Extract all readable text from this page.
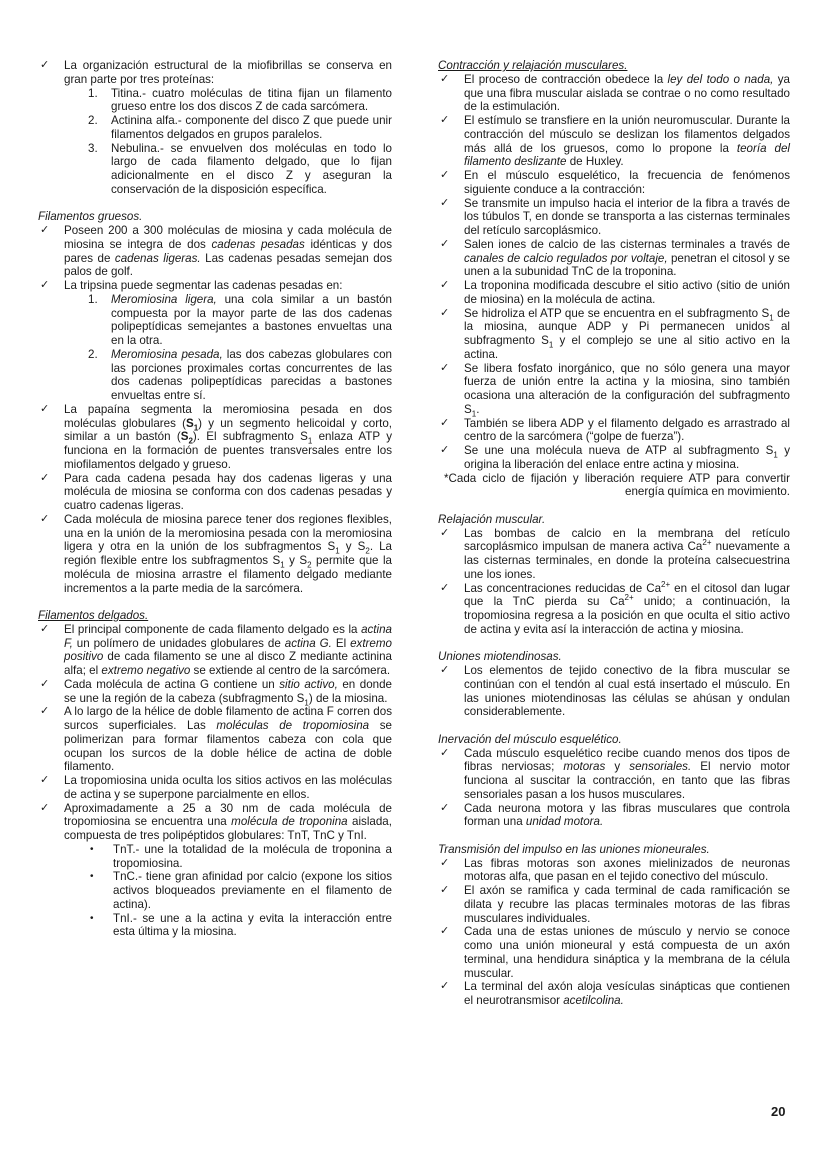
✓ La organización estructural de la miofibrillas se conserva en gran parte por tres proteínas:
1. Titina.- cuatro moléculas de titina fijan un filamento grueso entre los dos discos Z de cada sarcómera.
2. Actinina alfa.- componente del disco Z que puede unir filamentos delgados en grupos paralelos.
3. Nebulina.- se envuelven dos moléculas en todo lo largo de cada filamento delgado, que lo fijan adicionalmente en el disco Z y aseguran la conservación de la disposición específica.
Filamentos gruesos.
✓ Poseen 200 a 300 moléculas de miosina y cada molécula de miosina se integra de dos cadenas pesadas idénticas y dos pares de cadenas ligeras. Las cadenas pesadas semejan dos palos de golf.
✓ La tripsina puede segmentar las cadenas pesadas en:
1. Meromiosina ligera, una cola similar a un bastón compuesta por la mayor parte de las dos cadenas polipeptídicas semejantes a bastones envueltas una en la otra.
2. Meromiosina pesada, las dos cabezas globulares con las porciones proximales cortas concurrentes de las dos cadenas polipeptídicas parecidas a bastones envueltas entre sí.
✓ La papaína segmenta la meromiosina pesada en dos moléculas globulares $(S_1)$ y un segmento helicoidal y corto, similar a un bastón $(S_2)$. El subfragmento $S_1$ enlaza ATP y funciona en la formación de puentes transversales entre los miofilamentos delgado y grueso.
✓ Para cada cadena pesada hay dos cadenas ligeras y una molécula de miosina se conforma con dos cadenas pesadas y cuatro cadenas ligeras.
✓ Cada molécula de miosina parece tener dos regiones flexibles, una en la unión de la meromiosina pesada con la meromiosina ligera y otra en la unión de los subfragmentos $S_1$ y $S_2$. La región flexible entre los subfragmentos $S_1$ y $S_2$ permite que la molécula de miosina arrastre el filamento delgado mediante incrementos a la parte media de la sarcómera.
Filamentos delgados.
✓ El principal componente de cada filamento delgado es la actina F, un polímero de unidades globulares de actina G. El extremo positivo de cada filamento se une al disco Z mediante actinina alfa; el extremo negativo se extiende al centro de la sarcómera.
✓ Cada molécula de actina G contiene un sitio activo, en donde se une la región de la cabeza (subfragmento $S_1$) de la miosina.
✓ A lo largo de la hélice de doble filamento de actina F corren dos surcos superficiales. Las moléculas de tropomiosina se polimerizan para formar filamentos cabeza con cola que ocupan los surcos de la doble hélice de actina de doble filamento.
✓ La tropomiosina unida oculta los sitios activos en las moléculas de actina y se superpone parcialmente en ellos.
✓ Aproximadamente a 25 a 30 nm de cada molécula de tropomiosina se encuentra una molécula de troponina aislada, compuesta de tres polipéptidos globulares: TnT, TnC y TnI.
• TnT.- une la totalidad de la molécula de troponina a tropomiosina.
• TnC.- tiene gran afinidad por calcio (expone los sitios activos bloqueados previamente en el filamento de actina).
• TnI.- se une a la actina y evita la interacción entre esta última y la miosina.
Contracción y relajación musculares.
✓ El proceso de contracción obedece la ley del todo o nada, ya que una fibra muscular aislada se contrae o no como resultado de la estimulación.
✓ El estímulo se transfiere en la unión neuromuscular. Durante la contracción del músculo se deslizan los filamentos delgados más allá de los gruesos, como lo propone la teoría del filamento deslizante de Huxley.
✓ En el músculo esquelético, la frecuencia de fenómenos siguiente conduce a la contracción:
✓ Se transmite un impulso hacia el interior de la fibra a través de los túbulos T, en donde se transporta a las cisternas terminales del retículo sarcoplásmico.
✓ Salen iones de calcio de las cisternas terminales a través de canales de calcio regulados por voltaje, penetran el citosol y se unen a la subunidad TnC de la troponina.
✓ La troponina modificada descubre el sitio activo (sitio de unión de miosina) en la molécula de actina.
✓ Se hidroliza el ATP que se encuentra en el subfragmento $S_1$ de la miosina, aunque ADP y Pi permanecen unidos al subfragmento $S_1$ y el complejo se une al sitio activo en la actina.
✓ Se libera fosfato inorgánico, que no sólo genera una mayor fuerza de unión entre la actina y la miosina, sino también ocasiona una alteración de la configuración del subfragmento $S_1$.
✓ También se libera ADP y el filamento delgado es arrastrado al centro de la sarcómera (“golpe de fuerza”).
✓ Se une una molécula nueva de ATP al subfragmento $S_1$ y origina la liberación del enlace entre actina y miosina.
*Cada ciclo de fijación y liberación requiere ATP para convertir energía química en movimiento.
Relajación muscular.
✓ Las bombas de calcio en la membrana del retículo sarcoplásmico impulsan de manera activa $Ca^{2+}$ nuevamente a las cisternas terminales, en donde la proteína calsecuestrina une los iones.
✓ Las concentraciones reducidas de $Ca^{2+}$ en el citosol dan lugar que la TnC pierda su $Ca^{2+}$ unido; a continuación, la tropomiosina regresa a la posición en que oculta el sitio activo de actina y evita así la interacción de actina y miosina.
Uniones miotendinosas.
✓ Los elementos de tejido conectivo de la fibra muscular se continúan con el tendón al cual está insertado el músculo. En las uniones miotendinosas las células se ahúsan y ondulan considerablemente.
Inervación del músculo esquelético.
✓ Cada músculo esquelético recibe cuando menos dos tipos de fibras nerviosas; motoras y sensoriales. El nervio motor funciona al suscitar la contracción, en tanto que las fibras sensoriales pasan a los husos musculares.
✓ Cada neurona motora y las fibras musculares que controla forman una unidad motora.
Transmisión del impulso en las uniones mioneurales.
✓ Las fibras motoras son axones mielinizados de neuronas motoras alfa, que pasan en el tejido conectivo del músculo.
✓ El axón se ramifica y cada terminal de cada ramificación se dilata y recubre las placas terminales motoras de las fibras musculares individuales.
✓ Cada una de estas uniones de músculo y nervio se conoce como una unión mioneural y está compuesta de un axón terminal, una hendidura sináptica y la membrana de la célula muscular.
✓ La terminal del axón aloja vesículas sinápticas que contienen el neurotransmisor acetilcolina.
20
